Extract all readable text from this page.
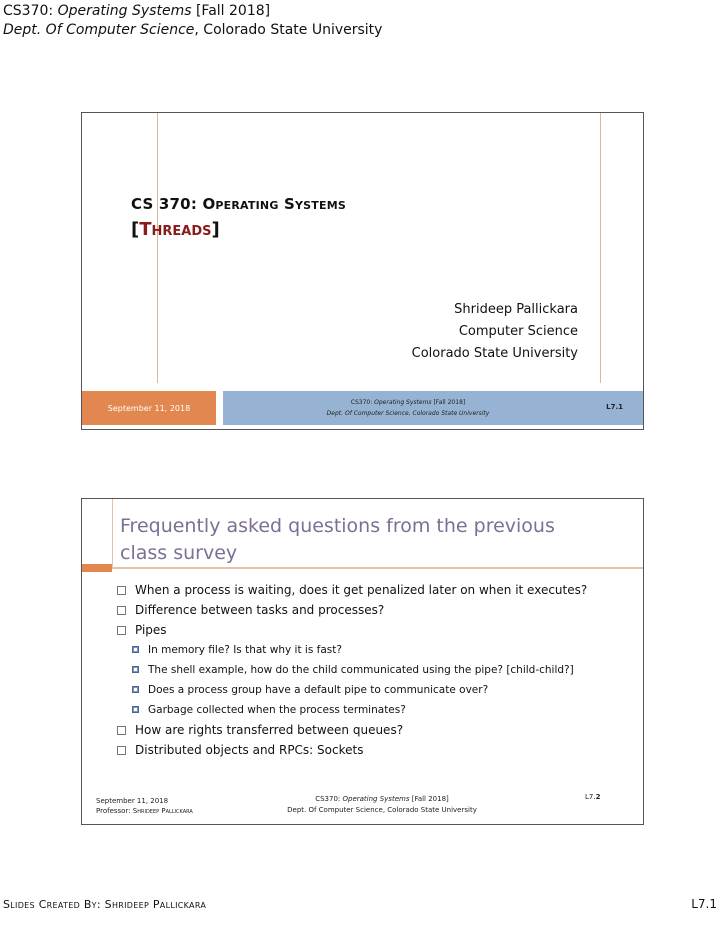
CS370: Operating Systems [Fall 2018]
Dept. Of Computer Science, Colorado State University
CS 370: Operating Systems
[Threads]
Shrideep Pallickara
Computer Science
Colorado State University
September 11, 2018
CS370: Operating Systems [Fall 2018]
Dept. Of Computer Science, Colorado State University
L7.1
Frequently asked questions from the previous class survey
When a process is waiting, does it get penalized later on when it executes?
Difference between tasks and processes?
Pipes
In memory file? Is that why it is fast?
The shell example, how do the child communicated using the pipe? [child-child?]
Does a process group have a default pipe to communicate over?
Garbage collected when the process terminates?
How are rights transferred between queues?
Distributed objects and RPCs: Sockets
September 11, 2018
Professor: Shrideep Pallickara
CS370: Operating Systems [Fall 2018]
Dept. Of Computer Science, Colorado State University
L7.2
Slides Created By: Shrideep Pallickara	L7.1
